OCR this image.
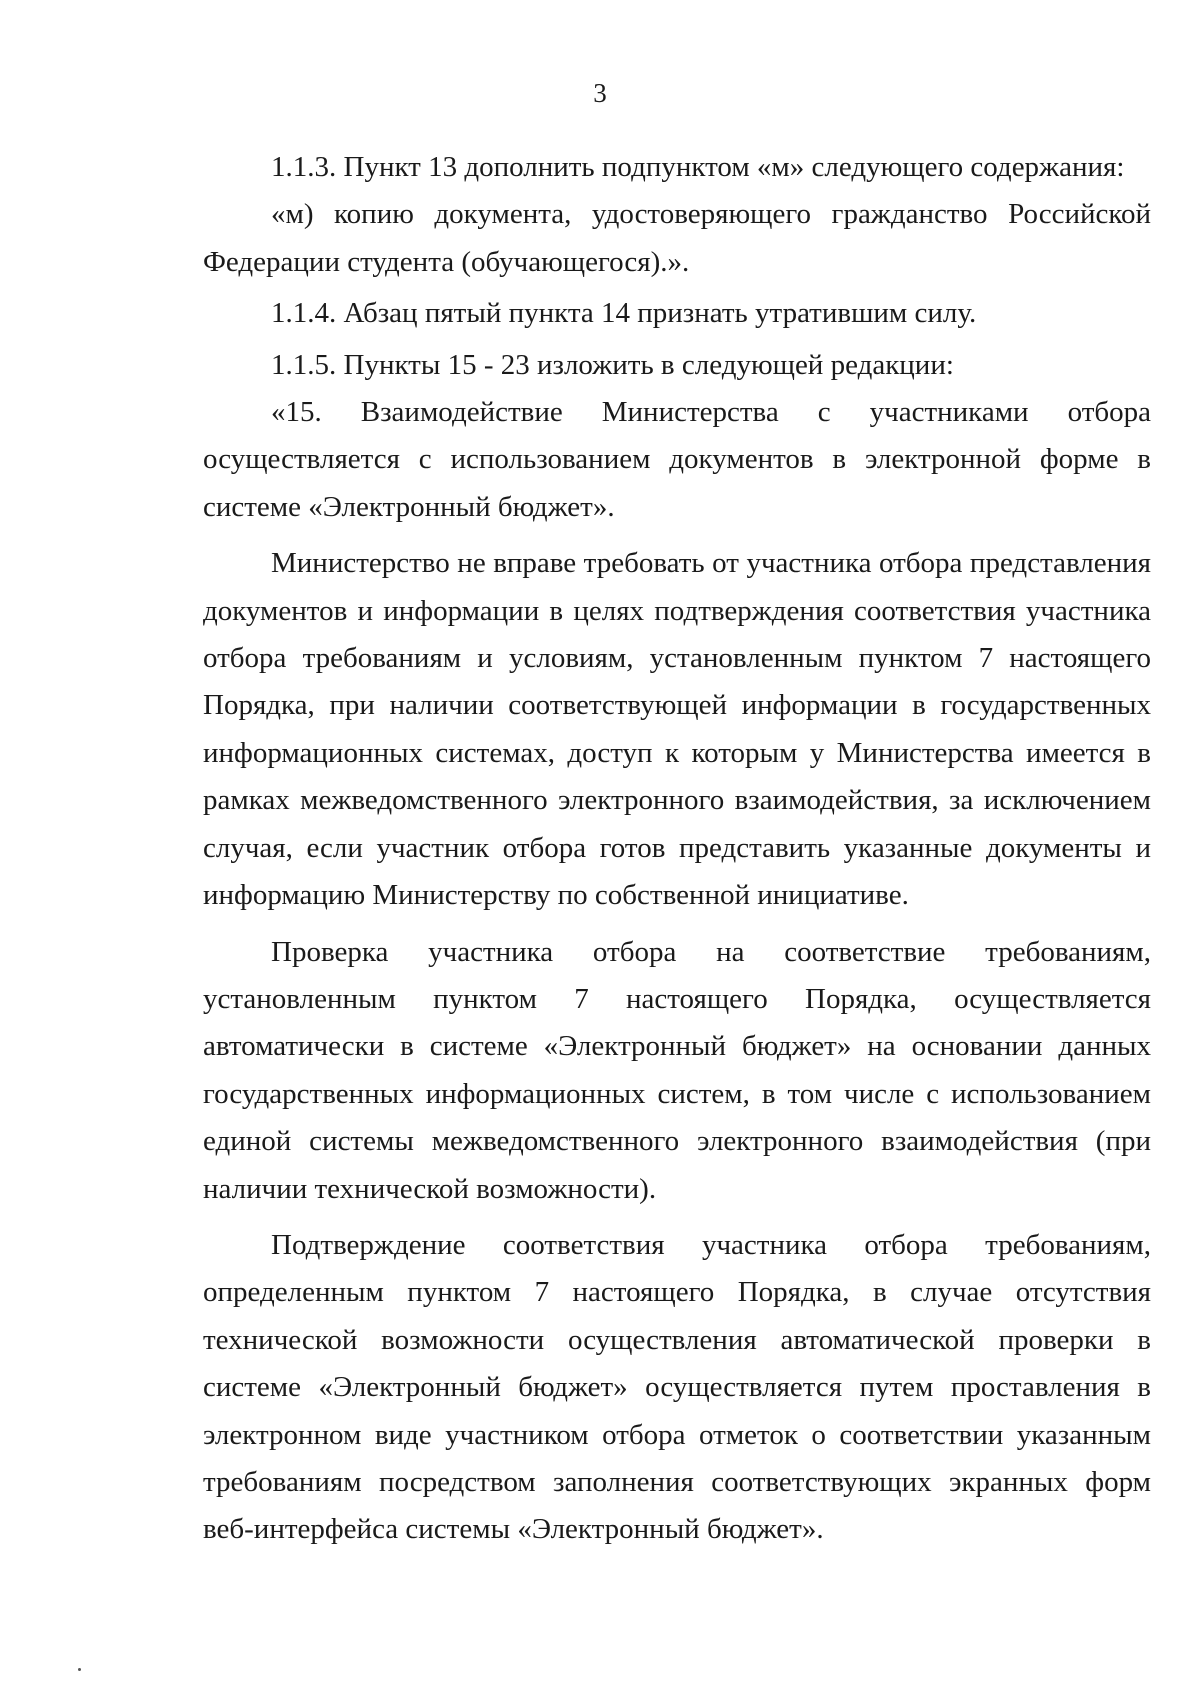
3

1.1.3. Пункт 13 дополнить подпунктом «м» следующего содержания:

«м) копию документа, удостоверяющего гражданство Российской Федерации студента (обучающегося).».

1.1.4. Абзац пятый пункта 14 признать утратившим силу.

1.1.5. Пункты 15 - 23 изложить в следующей редакции:

«15. Взаимодействие Министерства с участниками отбора осуществляется с использованием документов в электронной форме в системе «Электронный бюджет».

Министерство не вправе требовать от участника отбора представления документов и информации в целях подтверждения соответствия участника отбора требованиям и условиям, установленным пунктом 7 настоящего Порядка, при наличии соответствующей информации в государственных информационных системах, доступ к которым у Министерства имеется в рамках межведомственного электронного взаимодействия, за исключением случая, если участник отбора готов представить указанные документы и информацию Министерству по собственной инициативе.

Проверка участника отбора на соответствие требованиям, установленным пунктом 7 настоящего Порядка, осуществляется автоматически в системе «Электронный бюджет» на основании данных государственных информационных систем, в том числе с использованием единой системы межведомственного электронного взаимодействия (при наличии технической возможности).

Подтверждение соответствия участника отбора требованиям, определенным пунктом 7 настоящего Порядка, в случае отсутствия технической возможности осуществления автоматической проверки в системе «Электронный бюджет» осуществляется путем проставления в электронном виде участником отбора отметок о соответствии указанным требованиям посредством заполнения соответствующих экранных форм веб-интерфейса системы «Электронный бюджет».
